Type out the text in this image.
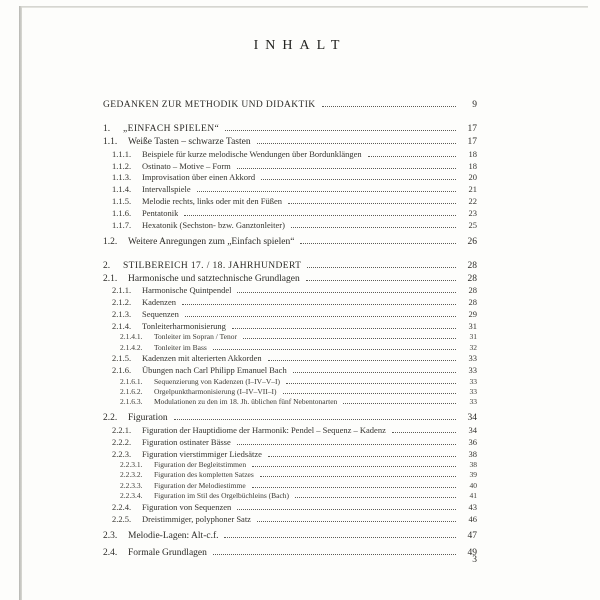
INHALT
GEDANKEN ZUR METHODIK UND DIDAKTIK	9
1.	„EINFACH SPIELEN“	17
1.1.	Weiße Tasten – schwarze Tasten	17
1.1.1.	Beispiele für kurze melodische Wendungen über Bordunklängen	18
1.1.2.	Ostinato – Motive – Form	18
1.1.3.	Improvisation über einen Akkord	20
1.1.4.	Intervallspiele	21
1.1.5.	Melodie rechts, links oder mit den Füßen	22
1.1.6.	Pentatonik	23
1.1.7.	Hexatonik (Sechston- bzw. Ganztonleiter)	25
1.2.	Weitere Anregungen zum „Einfach spielen“	26
2.	STILBEREICH 17. / 18. JAHRHUNDERT	28
2.1.	Harmonische und satztechnische Grundlagen	28
2.1.1.	Harmonische Quintpendel	28
2.1.2.	Kadenzen	28
2.1.3.	Sequenzen	29
2.1.4.	Tonleiterharmonisierung	31
2.1.4.1.	Tonleiter im Sopran / Tenor	31
2.1.4.2.	Tonleiter im Bass	32
2.1.5.	Kadenzen mit alterierten Akkorden	33
2.1.6.	Übungen nach Carl Philipp Emanuel Bach	33
2.1.6.1.	Sequenzierung von Kadenzen (I–IV–V–I)	33
2.1.6.2.	Orgelpunktharmonisierung (I–IV–VII–I)	33
2.1.6.3.	Modulationen zu den im 18. Jh. üblichen fünf Nebentonarten	33
2.2.	Figuration	34
2.2.1.	Figuration der Hauptidiome der Harmonik: Pendel – Sequenz – Kadenz	34
2.2.2.	Figuration ostinater Bässe	36
2.2.3.	Figuration vierstimmiger Liedsätze	38
2.2.3.1.	Figuration der Begleitstimmen	38
2.2.3.2.	Figuration des kompletten Satzes	39
2.2.3.3.	Figuration der Melodiestimme	40
2.2.3.4.	Figuration im Stil des Orgelbüchleins (Bach)	41
2.2.4.	Figuration von Sequenzen	43
2.2.5.	Dreistimmiger, polyphoner Satz	46
2.3.	Melodie-Lagen: Alt-c.f.	47
2.4.	Formale Grundlagen	49
3
